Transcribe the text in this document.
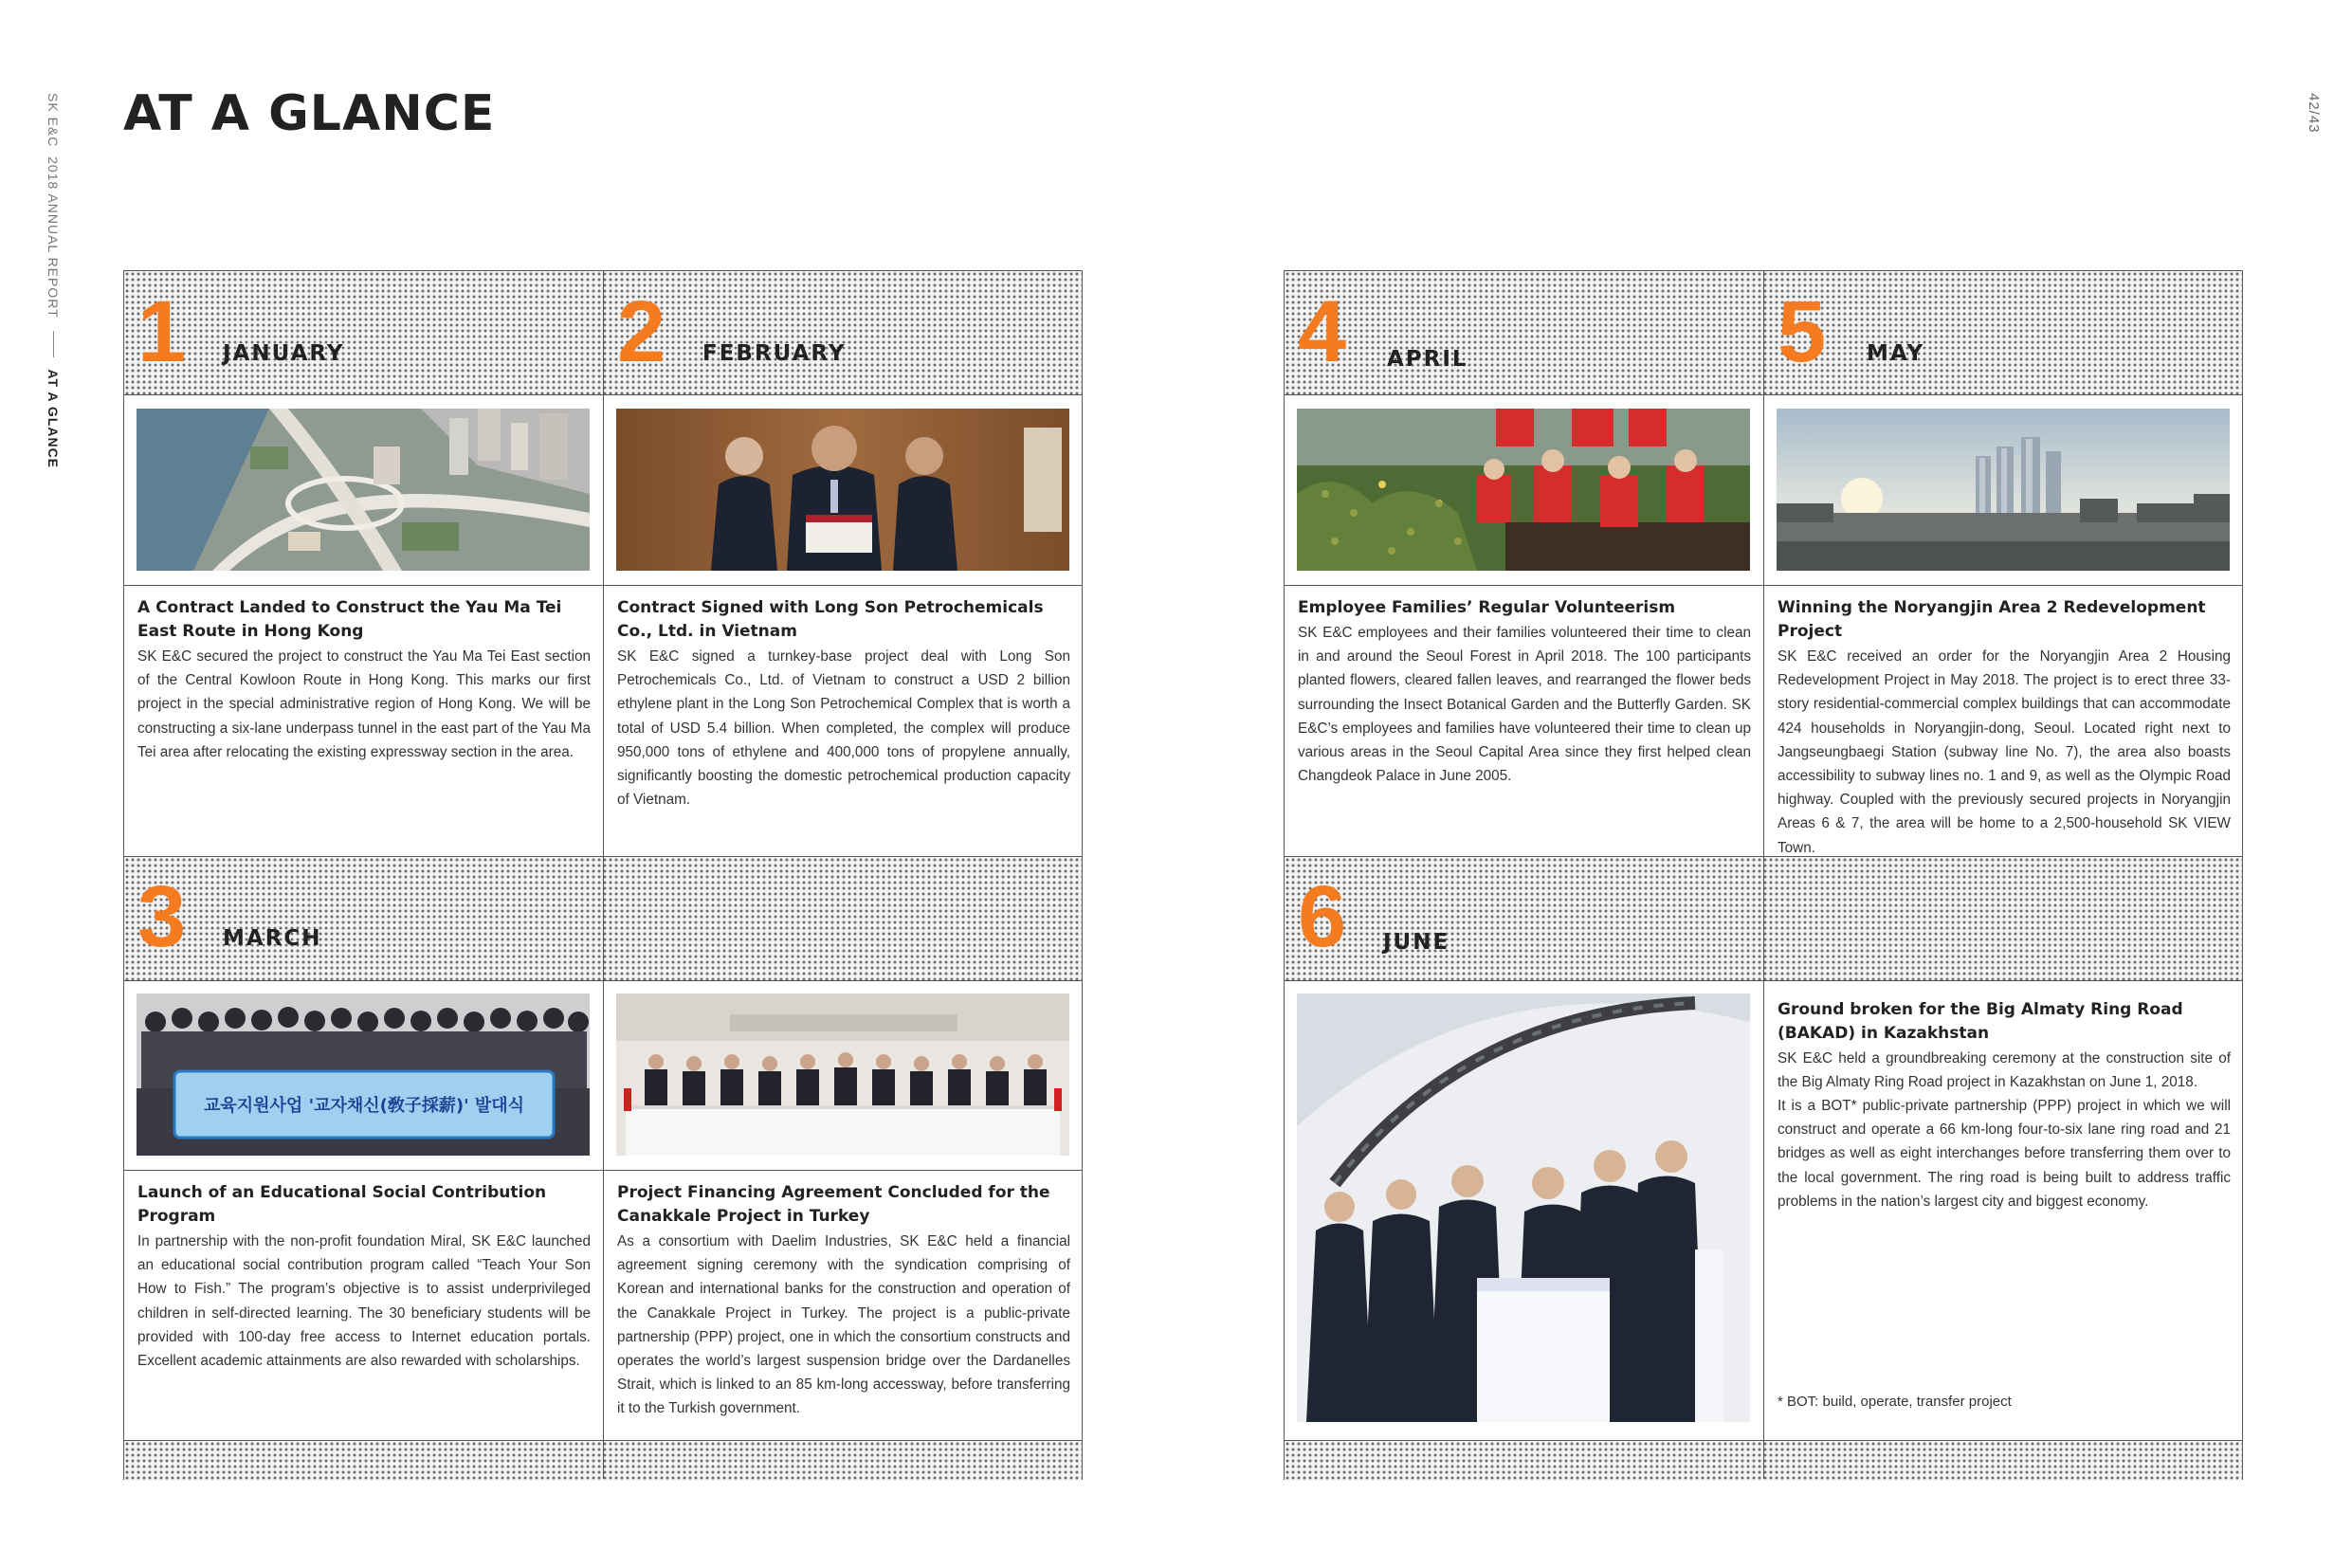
AT A GLANCE
SK E&C  2018 ANNUAL REPORT  AT A GLANCE
42/43
1 JANUARY
A Contract Landed to Construct the Yau Ma Tei East Route in Hong Kong
SK E&C secured the project to construct the Yau Ma Tei East section of the Central Kowloon Route in Hong Kong. This marks our first project in the special administrative region of Hong Kong. We will be constructing a six-lane underpass tunnel in the east part of the Yau Ma Tei area after relocating the existing expressway section in the area.
2 FEBRUARY
Contract Signed with Long Son Petrochemicals Co., Ltd. in Vietnam
SK E&C signed a turnkey-base project deal with Long Son Petrochemicals Co., Ltd. of Vietnam to construct a USD 2 billion ethylene plant in the Long Son Petrochemical Complex that is worth a total of USD 5.4 billion. When completed, the complex will produce 950,000 tons of ethylene and 400,000 tons of propylene annually, significantly boosting the domestic petrochemical production capacity of Vietnam.
3 MARCH
교육지원사업 '교자채신(敎子採薪)' 발대식
Launch of an Educational Social Contribution Program
In partnership with the non-profit foundation Miral, SK E&C launched an educational social contribution program called “Teach Your Son How to Fish.” The program’s objective is to assist underprivileged children in self-directed learning. The 30 beneficiary students will be provided with 100-day free access to Internet education portals. Excellent academic attainments are also rewarded with scholarships.
Project Financing Agreement Concluded for the Canakkale Project in Turkey
As a consortium with Daelim Industries, SK E&C held a financial agreement signing ceremony with the syndication comprising of Korean and international banks for the construction and operation of the Canakkale Project in Turkey. The project is a public-private partnership (PPP) project, one in which the consortium constructs and operates the world’s largest suspension bridge over the Dardanelles Strait, which is linked to an 85 km-long accessway, before transferring it to the Turkish government.
4 APRIL
Employee Families’ Regular Volunteerism
SK E&C employees and their families volunteered their time to clean in and around the Seoul Forest in April 2018. The 100 participants planted flowers, cleared fallen leaves, and rearranged the flower beds surrounding the Insect Botanical Garden and the Butterfly Garden. SK E&C’s employees and families have volunteered their time to clean up various areas in the Seoul Capital Area since they first helped clean Changdeok Palace in June 2005.
5 MAY
Winning the Noryangjin Area 2 Redevelopment Project
SK E&C received an order for the Noryangjin Area 2 Housing Redevelopment Project in May 2018. The project is to erect three 33-story residential-commercial complex buildings that can accommodate 424 households in Noryangjin-dong, Seoul. Located right next to Jangseungbaegi Station (subway line No. 7), the area also boasts accessibility to subway lines no. 1 and 9, as well as the Olympic Road highway. Coupled with the previously secured projects in Noryangjin Areas 6 & 7, the area will be home to a 2,500-household SK VIEW Town.
6 JUNE
Ground broken for the Big Almaty Ring Road (BAKAD) in Kazakhstan
SK E&C held a groundbreaking ceremony at the construction site of the Big Almaty Ring Road project in Kazakhstan on June 1, 2018.
It is a BOT* public-private partnership (PPP) project in which we will construct and operate a 66 km-long four-to-six lane ring road and 21 bridges as well as eight interchanges before transferring them over to the local government. The ring road is being built to address traffic problems in the nation’s largest city and biggest economy.
* BOT: build, operate, transfer project
